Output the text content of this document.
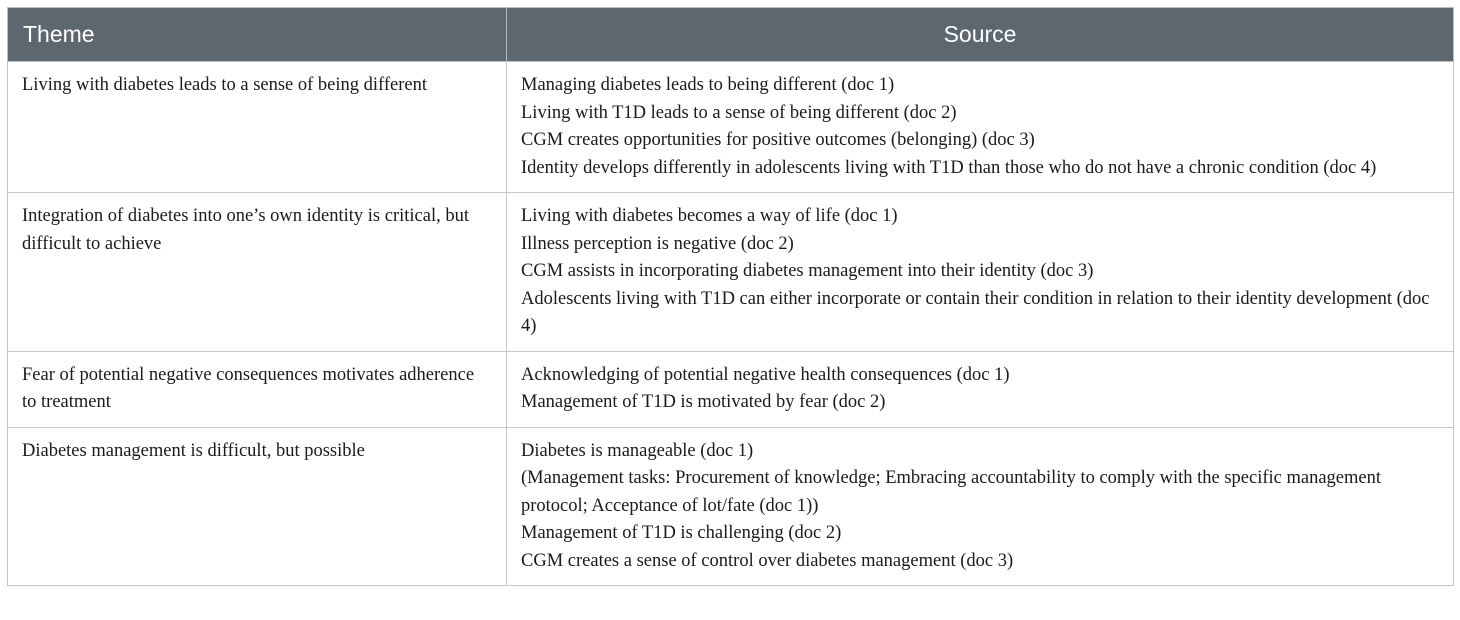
Theme	Source
Living with diabetes leads to a sense of being different	Managing diabetes leads to being different (doc 1)
Living with T1D leads to a sense of being different (doc 2)
CGM creates opportunities for positive outcomes (belonging) (doc 3)
Identity develops differently in adolescents living with T1D than those who do not have a chronic condition (doc 4)

Integration of diabetes into one’s own identity is critical, but difficult to achieve	Living with diabetes becomes a way of life (doc 1)
Illness perception is negative (doc 2)
CGM assists in incorporating diabetes management into their identity (doc 3)
Adolescents living with T1D can either incorporate or contain their condition in relation to their identity development (doc 4)

Fear of potential negative consequences motivates adherence to treatment	Acknowledging of potential negative health consequences (doc 1)
Management of T1D is motivated by fear (doc 2)

Diabetes management is difficult, but possible	Diabetes is manageable (doc 1)
(Management tasks: Procurement of knowledge; Embracing accountability to comply with the specific management protocol; Acceptance of lot/fate (doc 1))
Management of T1D is challenging (doc 2)
CGM creates a sense of control over diabetes management (doc 3)
